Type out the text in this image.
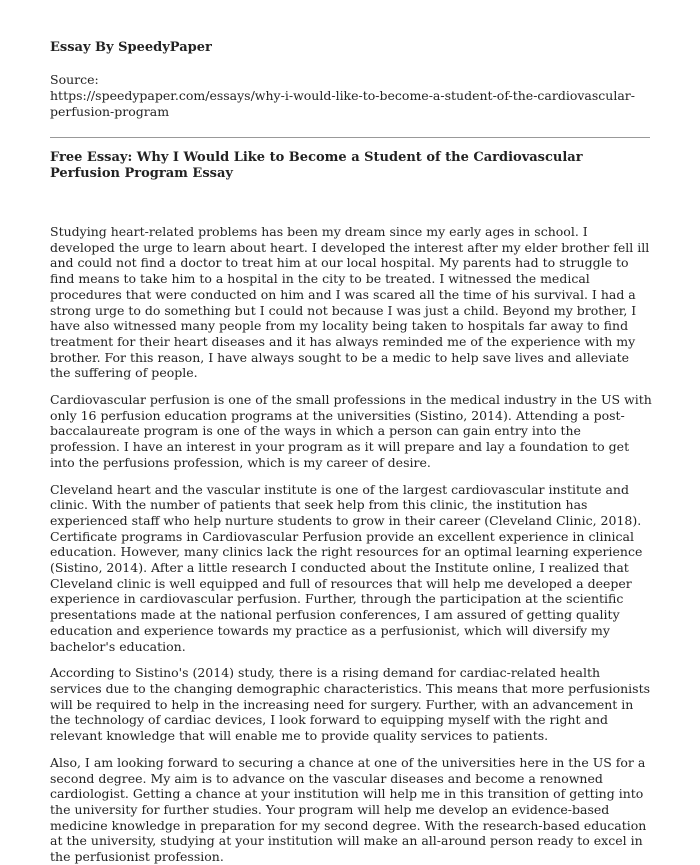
Essay By SpeedyPaper
Source:
https://speedypaper.com/essays/why-i-would-like-to-become-a-student-of-the-cardiovascular-perfusion-program
Free Essay: Why I Would Like to Become a Student of the Cardiovascular Perfusion Program Essay

Studying heart-related problems has been my dream since my early ages in school. I developed the urge to learn about heart. I developed the interest after my elder brother fell ill and could not find a doctor to treat him at our local hospital. My parents had to struggle to find means to take him to a hospital in the city to be treated. I witnessed the medical procedures that were conducted on him and I was scared all the time of his survival. I had a strong urge to do something but I could not because I was just a child. Beyond my brother, I have also witnessed many people from my locality being taken to hospitals far away to find treatment for their heart diseases and it has always reminded me of the experience with my brother. For this reason, I have always sought to be a medic to help save lives and alleviate the suffering of people.

Cardiovascular perfusion is one of the small professions in the medical industry in the US with only 16 perfusion education programs at the universities (Sistino, 2014). Attending a post-baccalaureate program is one of the ways in which a person can gain entry into the profession. I have an interest in your program as it will prepare and lay a foundation to get into the perfusions profession, which is my career of desire.

Cleveland heart and the vascular institute is one of the largest cardiovascular institute and clinic. With the number of patients that seek help from this clinic, the institution has experienced staff who help nurture students to grow in their career (Cleveland Clinic, 2018). Certificate programs in Cardiovascular Perfusion provide an excellent experience in clinical education. However, many clinics lack the right resources for an optimal learning experience (Sistino, 2014). After a little research I conducted about the Institute online, I realized that Cleveland clinic is well equipped and full of resources that will help me developed a deeper experience in cardiovascular perfusion. Further, through the participation at the scientific presentations made at the national perfusion conferences, I am assured of getting quality education and experience towards my practice as a perfusionist, which will diversify my bachelor's education.

According to Sistino's (2014) study, there is a rising demand for cardiac-related health services due to the changing demographic characteristics. This means that more perfusionists will be required to help in the increasing need for surgery. Further, with an advancement in the technology of cardiac devices, I look forward to equipping myself with the right and relevant knowledge that will enable me to provide quality services to patients.

Also, I am looking forward to securing a chance at one of the universities here in the US for a second degree. My aim is to advance on the vascular diseases and become a renowned cardiologist. Getting a chance at your institution will help me in this transition of getting into the university for further studies. Your program will help me develop an evidence-based medicine knowledge in preparation for my second degree. With the research-based education at the university, studying at your institution will make an all-around person ready to excel in the perfusionist profession.
